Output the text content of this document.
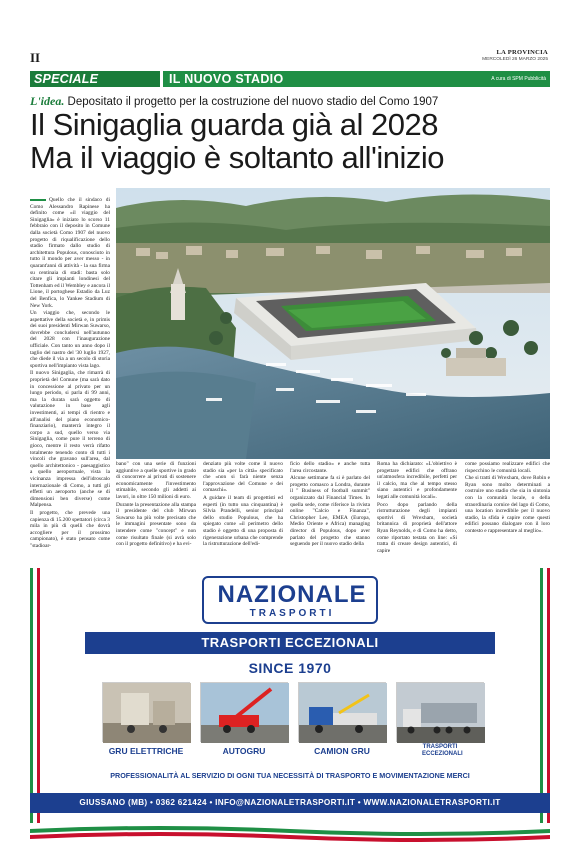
II	LA PROVINCIA
MERCOLEDÌ 26 MARZO 2025
SPECIALE	IL NUOVO STADIO	A cura di SPM Pubblicità
L'idea. Depositato il progetto per la costruzione del nuovo stadio del Como 1907
Il Sinigaglia guarda già al 2028
Ma il viaggio è soltanto all'inizio

Quello che il sindaco di Como Alessandro Rapinese ha definito come «il viaggio del Sinigaglia» è iniziato lo scorso 11 febbraio con il deposito in Comune dalla società Como 1907 del nuovo progetto di riqualificazione dello stadio firmato dallo studio di architettura Populous, conosciuto in tutto il mondo per aver messo - in quarant'anni di attività - la sua firma su centinaia di stadi: basta solo citare gli impianti londinesi del Tottenham ed il Wembley e ancora il Lione, il portoghese Estadio da Luz del Benfica, lo Yankee Stadium di New York.

Un viaggio che, secondo le aspettative della società e, in primis dei suoi presidenti Mirwan Suwarso, dovrebbe concludersi nell'autunno del 2028 con l'inaugurazione ufficiale. Con tanto un anno dopo il taglio del nastro del '30 luglio 1927, che diede il via a un secolo di storia sportiva nell'impianto vista lago.

Il nuovo Sinigaglia, che rimarrà di proprietà del Comune (ma sarà dato in concessione al privato per un lungo periodo, si parla di 99 anni, ma la durata sarà oggetto di valutazione in base agli investimenti, ai tempi di rientro e all'analisi del piano economico-finanziario), manterrà integro il corpo a sud, quello verso via Sinigaglia, come pure il terreno di gioco, mentre il resto verrà rifatto totalmente tenendo conto di tutti i vincoli che gravano sull'area, dal quello architettonico - paesaggistico a quello aeroportuale, vista la vicinanza impressa dell'idroscalo internazionale di Como, a tutti gli effetti un aeroporto (anche se di dimensioni ben diverse) come Malpensa.

Il progetto, che prevede una capienza di 15.200 spettatori (circa 3 mila in più di quelli che dovrà accogliere per il prossimo campionato), è stato pensato come "stadioar-

bano" con una serie di funzioni aggiuntive a quelle sportive in grado di concorrere ai privati di sostenere economicamente l'investimento stimabile, secondo gli addetti ai lavori, in oltre 150 milioni di euro.

Durante la presentazione alla stampa il presidente del club Mirwan Suwarso ha più volte precisato che le immagini presentate sono da intendere come "concept" e non come risultato finale (si avrà solo con il progetto definitivo) e ha evi-

denziato più volte come il nuovo stadio sia «per la città» specificato che «non si farà niente senza l'approvazione del Comune e dei comaschi».

A guidare il team di progettisti ed esperti (in tutto una cinquantina) è Silvia Prandelli, senior principal dello studio Populous, che ha spiegato come «il perimetro dello stadio è oggetto di una proposta di rigenerazione urbana che comprende la ristrutturazione dell'edi-

ficio dello stadio» e anche tutta l'area circostante.

Alcune settimane fa si è parlato del progetto comasco a Londra, durante il " Business of football summit" organizzato dal Financial Times. In quella sede, come riferisce la rivista online "Calcio e Finanza", Christopher Lee, EMEA (Europa, Medio Oriente e Africa) managing director di Populous, dopo aver parlato del progetto che stanno seguendo per il nuovo stadio della

Roma ha dichiarato: «L'obiettivo è progettare edifici che offrano un'atmosfera incredibile, perfetti per il calcio, ma che al tempo stesso siano autentici e profondamente legati alle comunità locali».

Poco dopo parlando della ristrutturazione degli impianti sportivi di Wrexham, società britannica di proprietà dell'attore Ryan Reynolds, e di Como ha detto, come riportato testata on line: «Si tratta di creare design autentici, di capire

come possiamo realizzare edifici che rispecchino le comunità locali.

Che si tratti di Wrexham, dove Robin e Ryan sono molto determinati a costruire uno stadio che sia in sintonia con la comunità locale, o della straordinaria cornice del lago di Como, una location incredibile per il nuovo stadio, la sfida è capire come questi edifici possano dialogare con il loro contesto e rappresentare al meglio».

NAZIONALE
TRASPORTI
TRASPORTI ECCEZIONALI
SINCE 1970
GRU ELETTRICHE	AUTOGRU	CAMION GRU	TRASPORTI ECCEZIONALI
PROFESSIONALITÀ AL SERVIZIO DI OGNI TUA NECESSITÀ DI TRASPORTO E MOVIMENTAZIONE MERCI
GIUSSANO (MB) • 0362 621424 • INFO@NAZIONALETRASPORTI.IT • WWW.NAZIONALETRASPORTI.IT
